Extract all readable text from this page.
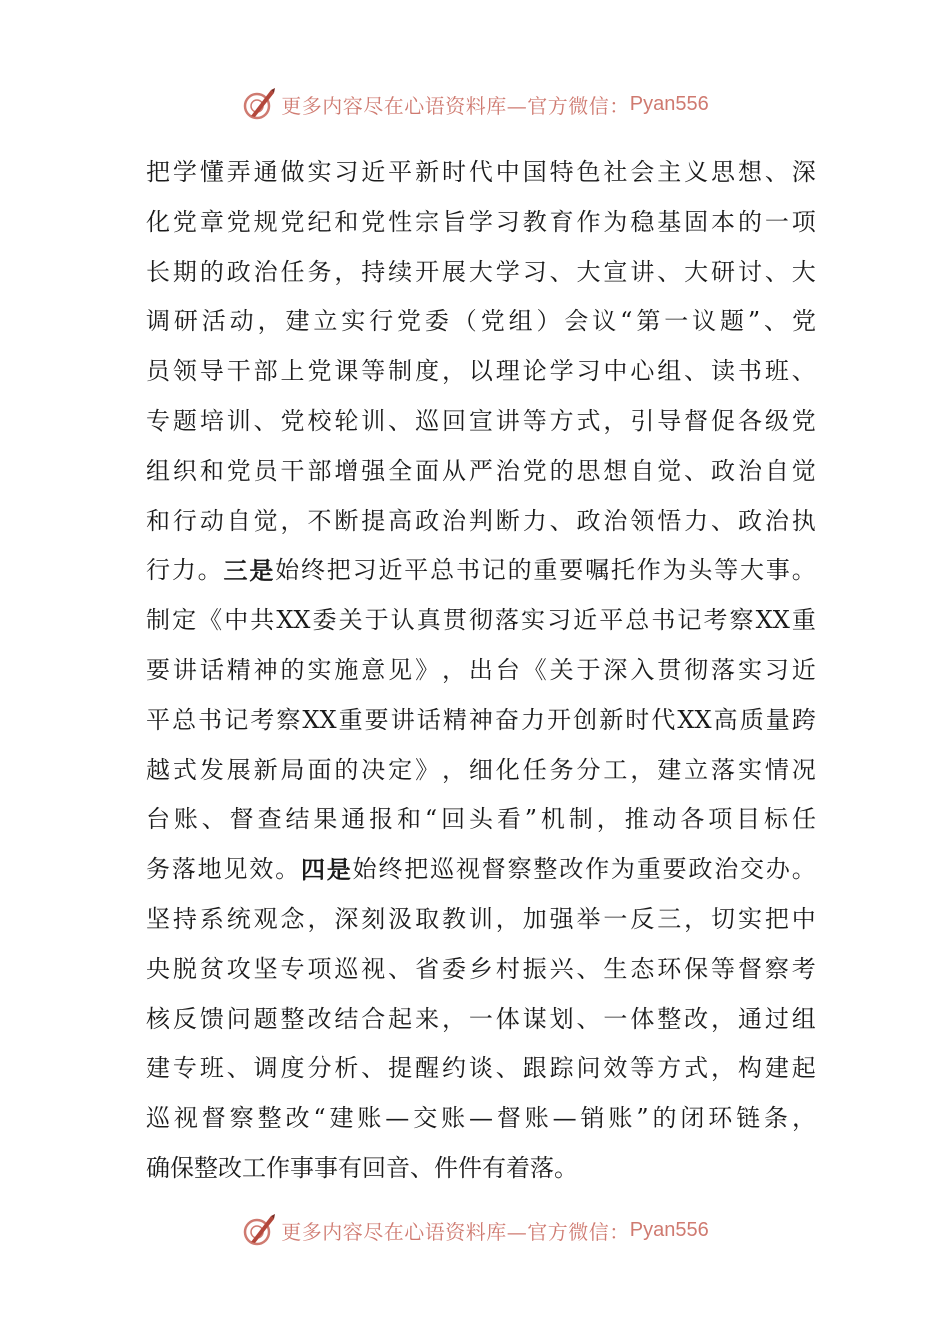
更多内容尽在心语资料库—官方微信： Pyan556
把 学 懂 弄 通 做 实 习 近 平 新 时 代 中 国 特 色 社 会 主 义 思 想 、 深
化 党 章 党 规 党 纪 和 党 性 宗 旨 学 习 教 育 作 为 稳 基 固 本 的 一 项
长 期 的 政 治 任 务 ， 持 续 开 展 大 学 习 、 大 宣 讲 、 大 研 讨 、 大
调 研 活 动 ， 建 立 实 行 党 委 （ 党 组 ） 会 议 “ 第 一 议 题 ” 、 党
员 领 导 干 部 上 党 课 等 制 度 ， 以 理 论 学 习 中 心 组 、 读 书 班 、
专 题 培 训 、 党 校 轮 训 、 巡 回 宣 讲 等 方 式 ， 引 导 督 促 各 级 党
组 织 和 党 员 干 部 增 强 全 面 从 严 治 党 的 思 想 自 觉 、 政 治 自 觉
和 行 动 自 觉 ， 不 断 提 高 政 治 判 断 力 、 政 治 领 悟 力 、 政 治 执
行 力 。 三 是 始 终 把 习 近 平 总 书 记 的 重 要 嘱 托 作 为 头 等 大 事 。
制 定 《 中 共 XX 委 关 于 认 真 贯 彻 落 实 习 近 平 总 书 记 考 察 XX 重
要 讲 话 精 神 的 实 施 意 见 》 ， 出 台 《 关 于 深 入 贯 彻 落 实 习 近
平 总 书 记 考 察 XX 重 要 讲 话 精 神 奋 力 开 创 新 时 代 XX 高 质 量 跨
越 式 发 展 新 局 面 的 决 定 》 ， 细 化 任 务 分 工 ， 建 立 落 实 情 况
台 账 、 督 查 结 果 通 报 和 “ 回 头 看 ” 机 制 ， 推 动 各 项 目 标 任
务 落 地 见 效 。 四 是 始 终 把 巡 视 督 察 整 改 作 为 重 要 政 治 交 办 。
坚 持 系 统 观 念 ， 深 刻 汲 取 教 训 ， 加 强 举 一 反 三 ， 切 实 把 中
央 脱 贫 攻 坚 专 项 巡 视 、 省 委 乡 村 振 兴 、 生 态 环 保 等 督 察 考
核 反 馈 问 题 整 改 结 合 起 来 ， 一 体 谋 划 、 一 体 整 改 ， 通 过 组
建 专 班 、 调 度 分 析 、 提 醒 约 谈 、 跟 踪 问 效 等 方 式 ， 构 建 起
巡 视 督 察 整 改 “ 建 账 — 交 账 — 督 账 — 销 账 ” 的 闭 环 链 条 ，
确 保 整 改 工 作 事 事 有 回 音 、 件 件 有 着 落 。
更多内容尽在心语资料库—官方微信： Pyan556
